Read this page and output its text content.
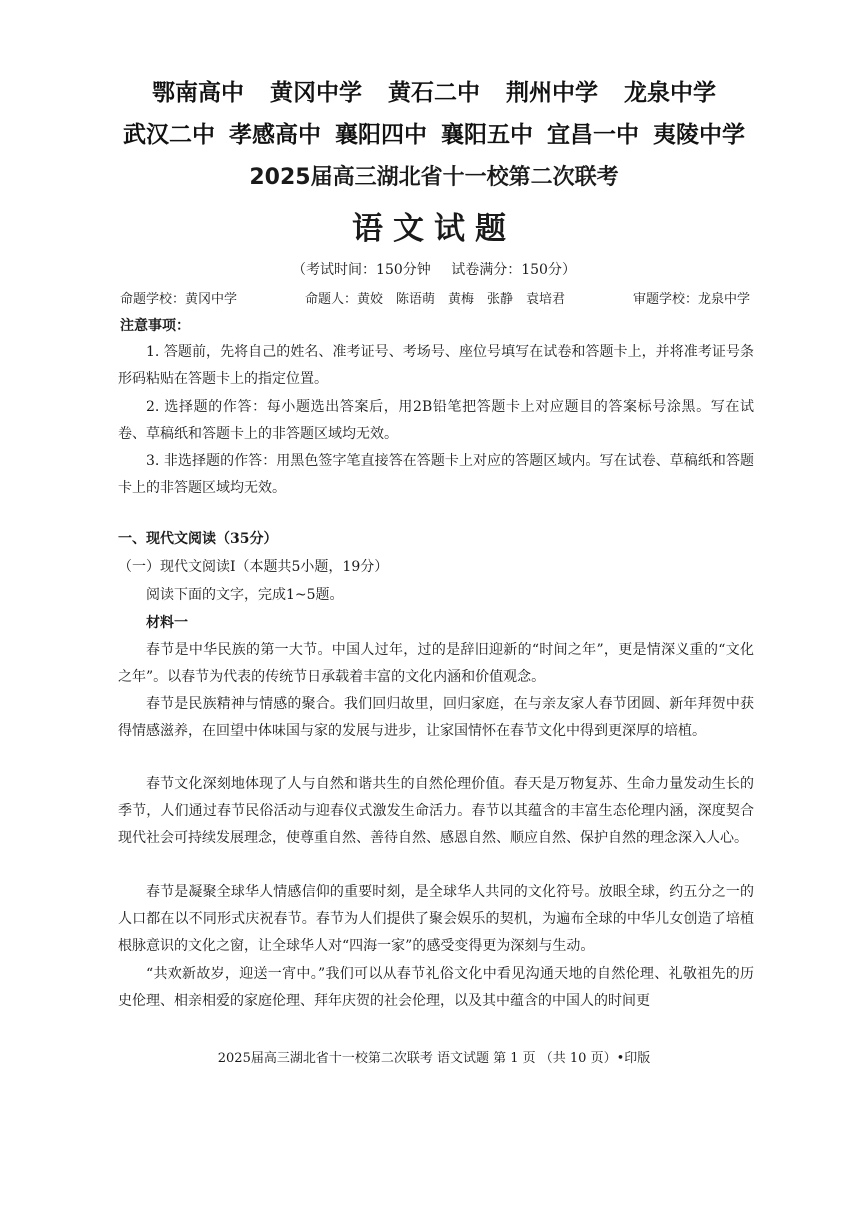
鄂南高中 黄冈中学 黄石二中 荆州中学 龙泉中学
武汉二中 孝感高中 襄阳四中 襄阳五中 宜昌一中 夷陵中学
2025届高三湖北省十一校第二次联考
语文试题
（考试时间：150分钟 试卷满分：150分）
命题学校：黄冈中学	命题人：黄姣　陈语萌　黄梅　张静　袁培君	审题学校：龙泉中学
注意事项：
1. 答题前，先将自己的姓名、准考证号、考场号、座位号填写在试卷和答题卡上，并将准考证号条形码粘贴在答题卡上的指定位置。
2. 选择题的作答：每小题选出答案后，用2B铅笔把答题卡上对应题目的答案标号涂黑。写在试卷、草稿纸和答题卡上的非答题区域均无效。
3. 非选择题的作答：用黑色签字笔直接答在答题卡上对应的答题区域内。写在试卷、草稿纸和答题卡上的非答题区域均无效。
一、现代文阅读（35分）
（一）现代文阅读Ⅰ（本题共5小题，19分）
阅读下面的文字，完成1~5题。
材料一
春节是中华民族的第一大节。中国人过年，过的是辞旧迎新的“时间之年”，更是情深义重的“文化之年”。以春节为代表的传统节日承载着丰富的文化内涵和价值观念。
春节是民族精神与情感的聚合。我们回归故里，回归家庭，在与亲友家人春节团圆、新年拜贺中获得情感滋养，在回望中体味国与家的发展与进步，让家国情怀在春节文化中得到更深厚的培植。
春节文化深刻地体现了人与自然和谐共生的自然伦理价值。春天是万物复苏、生命力量发动生长的季节，人们通过春节民俗活动与迎春仪式激发生命活力。春节以其蕴含的丰富生态伦理内涵，深度契合现代社会可持续发展理念，使尊重自然、善待自然、感恩自然、顺应自然、保护自然的理念深入人心。
春节是凝聚全球华人情感信仰的重要时刻，是全球华人共同的文化符号。放眼全球，约五分之一的人口都在以不同形式庆祝春节。春节为人们提供了聚会娱乐的契机，为遍布全球的中华儿女创造了培植根脉意识的文化之窗，让全球华人对“四海一家”的感受变得更为深刻与生动。
“共欢新故岁，迎送一宵中。”我们可以从春节礼俗文化中看见沟通天地的自然伦理、礼敬祖先的历史伦理、相亲相爱的家庭伦理、拜年庆贺的社会伦理，以及其中蕴含的中国人的时间更
2025届高三湖北省十一校第二次联考 语文试题 第 1 页 （共 10 页）•印版
